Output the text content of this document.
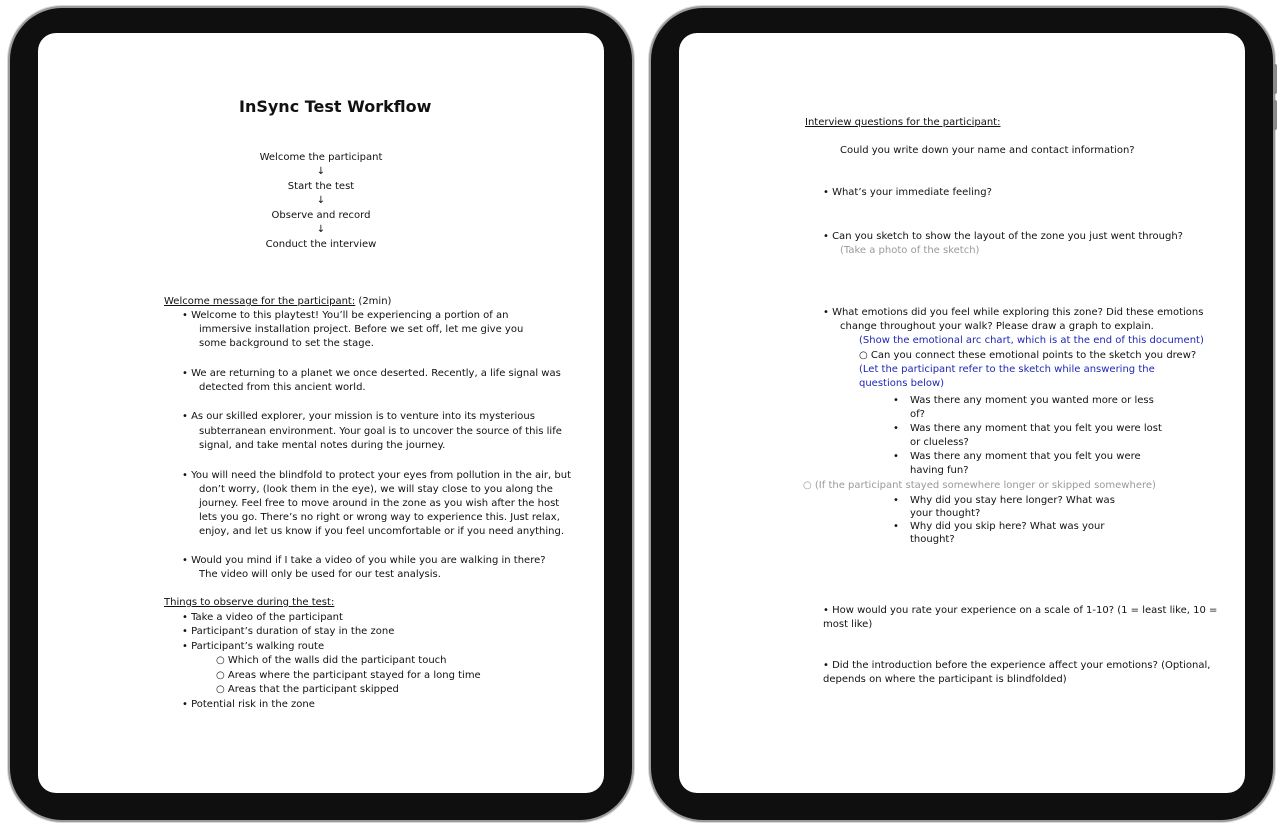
InSync Test Workflow
Welcome the participant
↓
Start the test
↓
Observe and record
↓
Conduct the interview
Welcome message for the participant: (2min)
• Welcome to this playtest! You’ll be experiencing a portion of an
immersive installation project. Before we set off, let me give you
some background to set the stage.
• We are returning to a planet we once deserted. Recently, a life signal was
detected from this ancient world.
• As our skilled explorer, your mission is to venture into its mysterious
subterranean environment. Your goal is to uncover the source of this life
signal, and take mental notes during the journey.
• You will need the blindfold to protect your eyes from pollution in the air, but
don’t worry, (look them in the eye), we will stay close to you along the
journey. Feel free to move around in the zone as you wish after the host
lets you go. There’s no right or wrong way to experience this. Just relax,
enjoy, and let us know if you feel uncomfortable or if you need anything.
• Would you mind if I take a video of you while you are walking in there?
The video will only be used for our test analysis.
Things to observe during the test:
• Take a video of the participant
• Participant’s duration of stay in the zone
• Participant’s walking route
○ Which of the walls did the participant touch
○ Areas where the participant stayed for a long time
○ Areas that the participant skipped
• Potential risk in the zone
Interview questions for the participant:
Could you write down your name and contact information?
• What’s your immediate feeling?
• Can you sketch to show the layout of the zone you just went through?
(Take a photo of the sketch)
• What emotions did you feel while exploring this zone? Did these emotions
change throughout your walk? Please draw a graph to explain.
(Show the emotional arc chart, which is at the end of this document)
○ Can you connect these emotional points to the sketch you drew?
(Let the participant refer to the sketch while answering the
questions below)
• Was there any moment you wanted more or less
of?
• Was there any moment that you felt you were lost
or clueless?
• Was there any moment that you felt you were
having fun?
○ (If the participant stayed somewhere longer or skipped somewhere)
• Why did you stay here longer? What was
your thought?
• Why did you skip here? What was your
thought?
• How would you rate your experience on a scale of 1-10? (1 = least like, 10 =
most like)
• Did the introduction before the experience affect your emotions? (Optional,
depends on where the participant is blindfolded)
